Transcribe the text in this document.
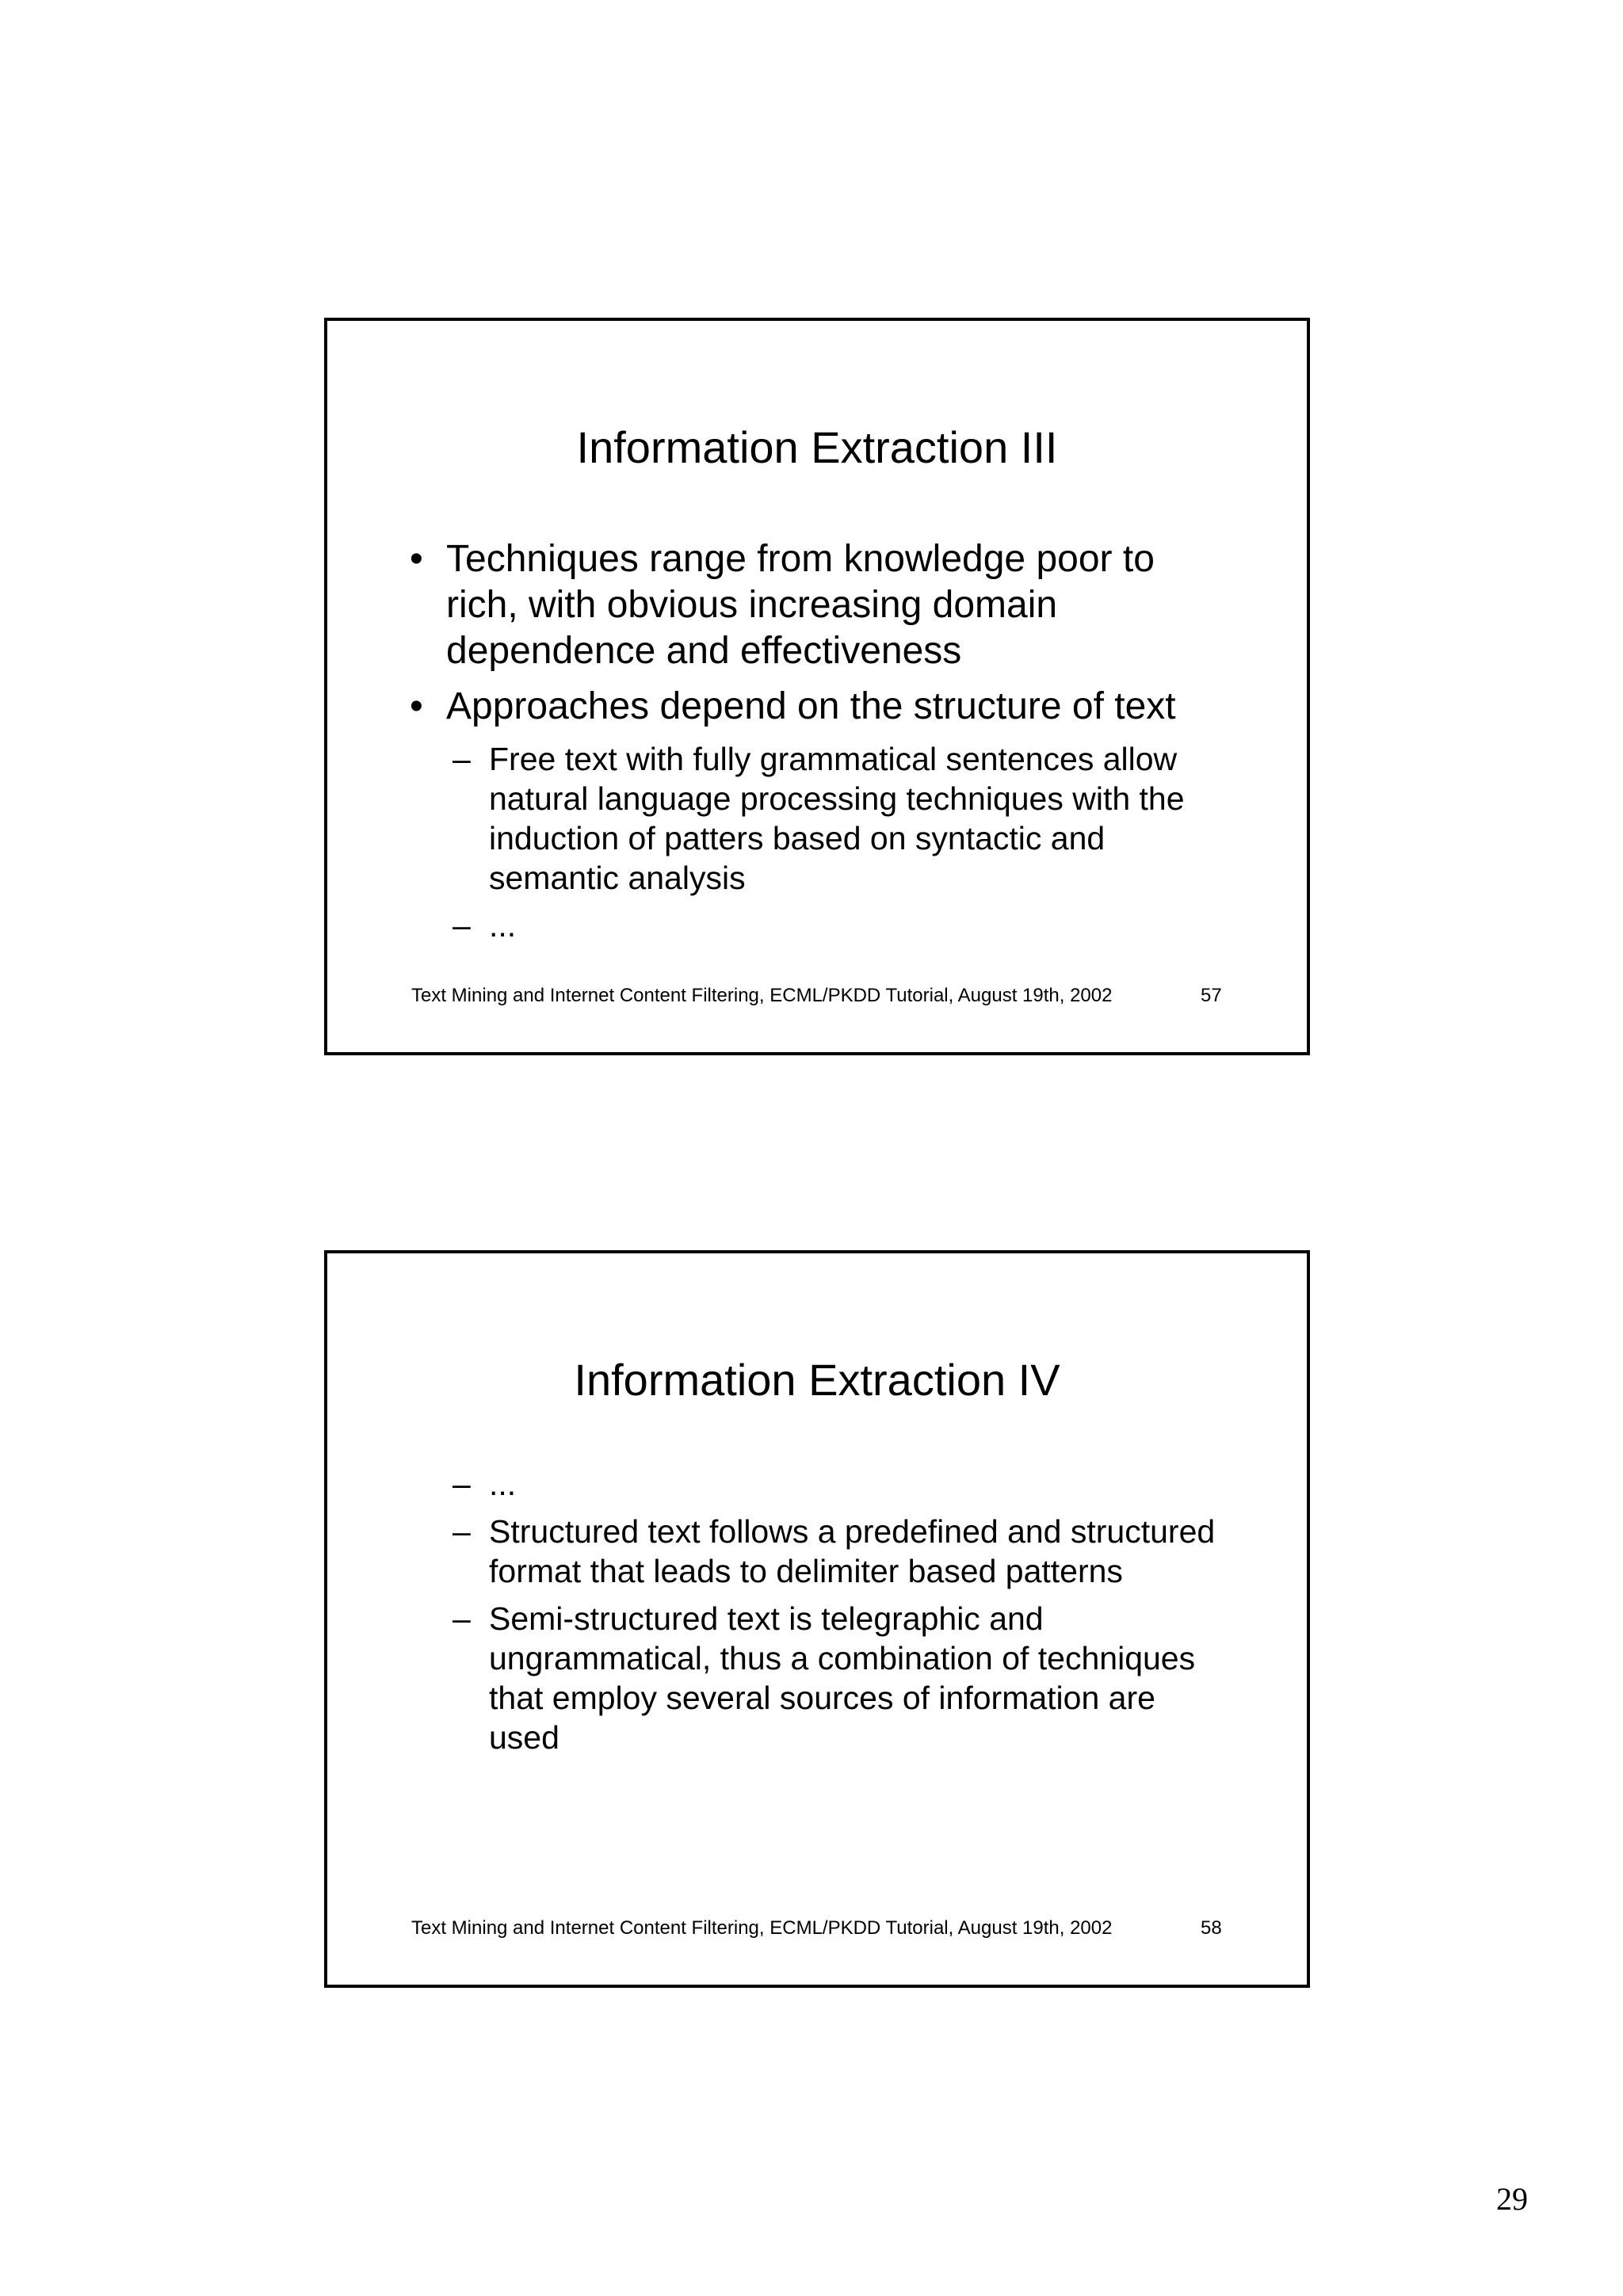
Information Extraction III
• Techniques range from knowledge poor to rich, with obvious increasing domain dependence and effectiveness
• Approaches depend on the structure of text
– Free text with fully grammatical sentences allow natural language processing techniques with the induction of patters based on syntactic and semantic analysis
– ...
Text Mining and Internet Content Filtering, ECML/PKDD Tutorial, August 19th, 2002	57
Information Extraction IV
– ...
– Structured text follows a predefined and structured format that leads to delimiter based patterns
– Semi-structured text is telegraphic and ungrammatical, thus a combination of techniques that employ several sources of information are used
Text Mining and Internet Content Filtering, ECML/PKDD Tutorial, August 19th, 2002	58
29
